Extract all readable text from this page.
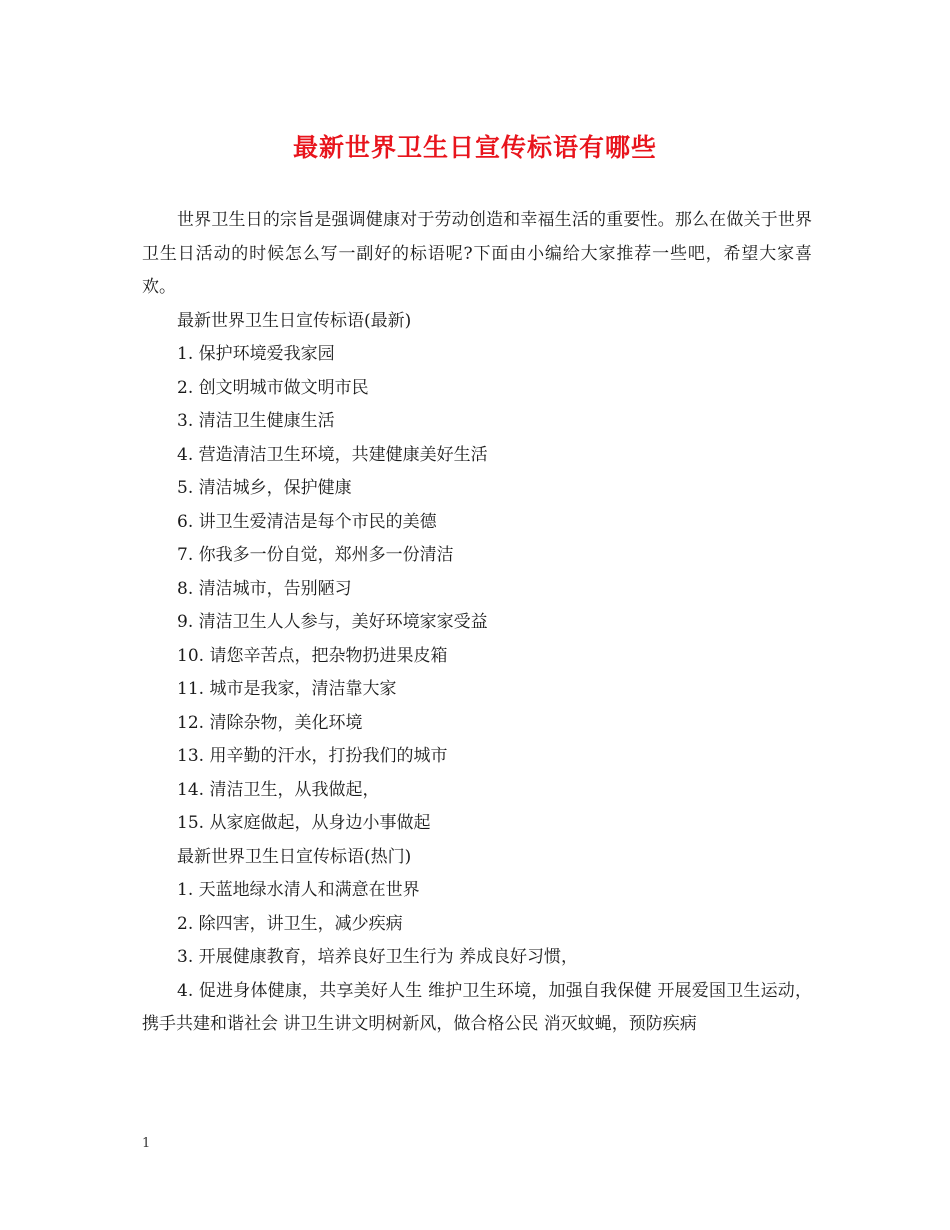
最新世界卫生日宣传标语有哪些

世界卫生日的宗旨是强调健康对于劳动创造和幸福生活的重要性。那么在做关于世界卫生日活动的时候怎么写一副好的标语呢?下面由小编给大家推荐一些吧，希望大家喜欢。

最新世界卫生日宣传标语(最新)

1. 保护环境爱我家园

2. 创文明城市做文明市民

3. 清洁卫生健康生活

4. 营造清洁卫生环境，共建健康美好生活

5. 清洁城乡，保护健康

6. 讲卫生爱清洁是每个市民的美德

7. 你我多一份自觉，郑州多一份清洁

8. 清洁城市，告别陋习

9. 清洁卫生人人参与，美好环境家家受益

10. 请您辛苦点，把杂物扔进果皮箱

11. 城市是我家，清洁靠大家

12. 清除杂物，美化环境

13. 用辛勤的汗水，打扮我们的城市

14. 清洁卫生，从我做起，

15. 从家庭做起，从身边小事做起

最新世界卫生日宣传标语(热门)

1. 天蓝地绿水清人和满意在世界

2. 除四害，讲卫生，减少疾病

3. 开展健康教育，培养良好卫生行为 养成良好习惯，

4. 促进身体健康，共享美好人生 维护卫生环境，加强自我保健 开展爱国卫生运动，携手共建和谐社会 讲卫生讲文明树新风，做合格公民 消灭蚊蝇，预防疾病

1
